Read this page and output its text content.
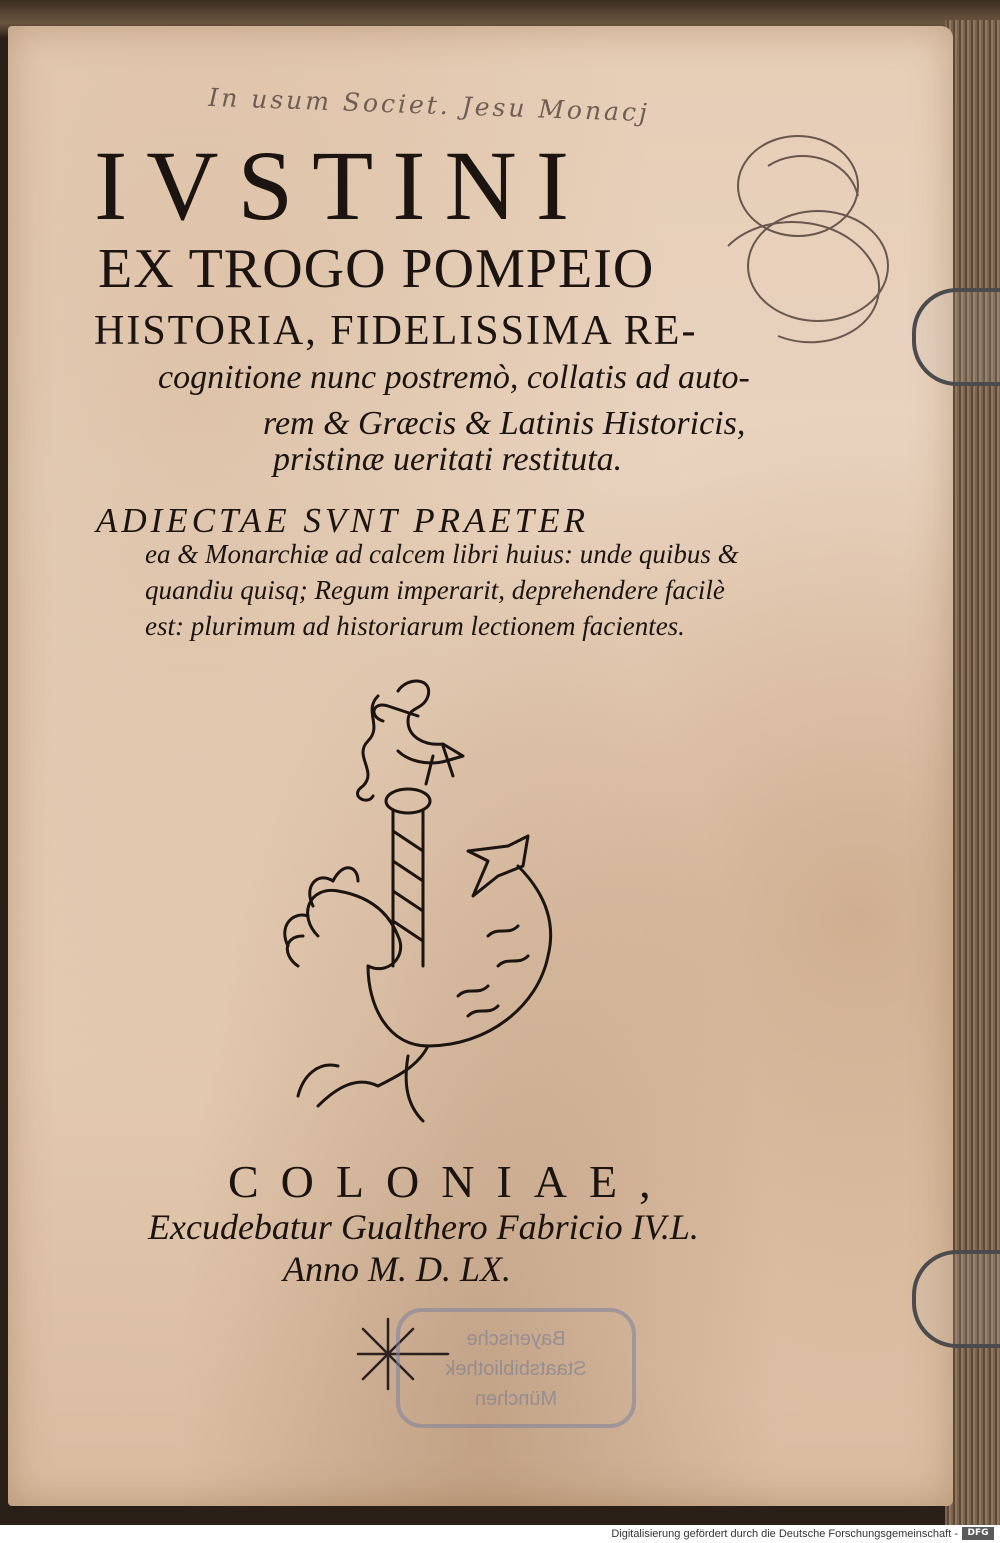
In usum Societ. Jesu Monacj
IVSTINI
EX TROGO POMPEIO
HISTORIA, FIDELISSIMA RE-
cognitione nunc postremò, collatis ad auto-
rem & Græcis & Latinis Historicis,
pristinæ ueritati restituta.
ADIECTAE SVNT PRAETER
ea & Monarchiæ ad calcem libri huius: unde quibus &
quandiu quisq; Regum imperarit, deprehendere facilè
est: plurimum ad historiarum lectionem facientes.
COLONIAE,
Excudebatur Gualthero Fabricio IV.L.
Anno M. D. LX.
Bayerische
Staatsbibliothek
München
Digitalisierung gefördert durch die Deutsche Forschungsgemeinschaft -	DFG
